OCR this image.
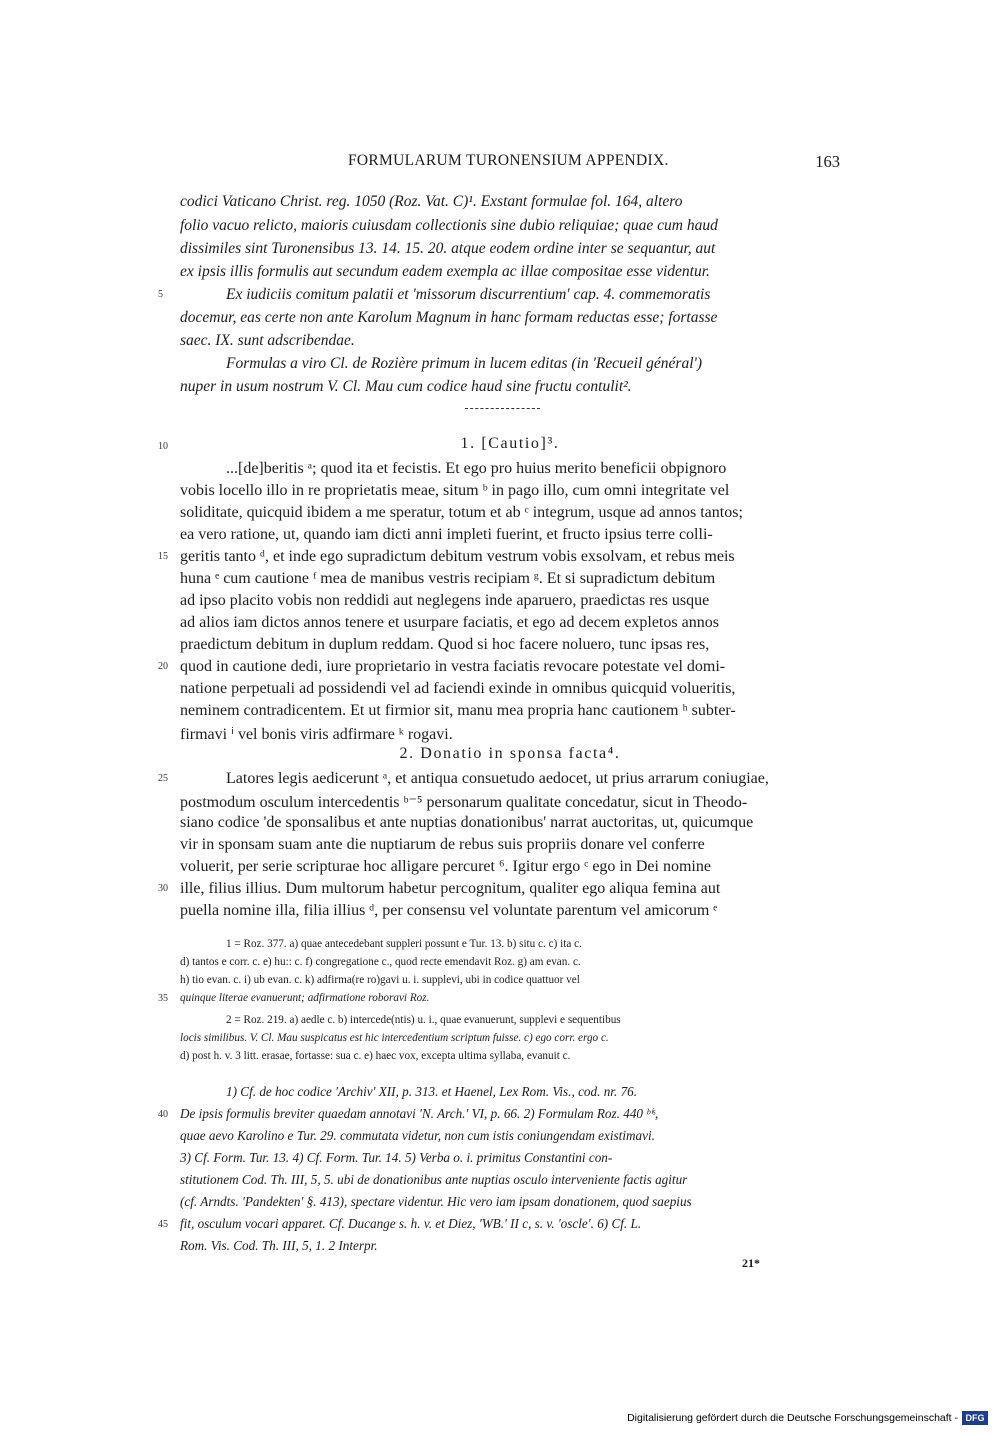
FORMULARUM TURONENSIUM APPENDIX.	163
codici Vaticano Christ. reg. 1050 (Roz. Vat. C)¹. Exstant formulae fol. 164, altero
folio vacuo relicto, maioris cuiusdam collectionis sine dubio reliquiae; quae cum haud
dissimiles sint Turonensibus 13. 14. 15. 20. atque eodem ordine inter se sequantur, aut
ex ipsis illis formulis aut secundum eadem exempla ac illae compositae esse videntur.
Ex iudiciis comitum palatii et 'missorum discurrentium' cap. 4. commemoratis
docemur, eas certe non ante Karolum Magnum in hanc formam reductas esse; fortasse
saec. IX. sunt adscribendae.
Formulas a viro Cl. de Rozière primum in lucem editas (in 'Recueil général')
nuper in usum nostrum V. Cl. Mau cum codice haud sine fructu contulit².
1. [Cautio]³.
...[de]beritis ᵃ; quod ita et fecistis. Et ego pro huius merito beneficii obpignoro
vobis locello illo in re proprietatis meae, situm ᵇ in pago illo, cum omni integritate vel
soliditate, quicquid ibidem a me speratur, totum et ab ᶜ integrum, usque ad annos tantos;
ea vero ratione, ut, quando iam dicti anni impleti fuerint, et fructo ipsius terre colli-
geritis tanto ᵈ, et inde ego supradictum debitum vestrum vobis exsolvam, et rebus meis
huna ᵉ cum cautione ᶠ mea de manibus vestris recipiam ᵍ. Et si supradictum debitum
ad ipso placito vobis non reddidi aut neglegens inde aparuero, praedictas res usque
ad alios iam dictos annos tenere et usurpare faciatis, et ego ad decem expletos annos
praedictum debitum in duplum reddam. Quod si hoc facere noluero, tunc ipsas res,
quod in cautione dedi, iure proprietario in vestra faciatis revocare potestate vel domi-
natione perpetuali ad possidendi vel ad faciendi exinde in omnibus quicquid volueritis,
neminem contradicentem. Et ut firmior sit, manu mea propria hanc cautionem ʰ subter-
firmavi ⁱ vel bonis viris adfirmare ᵏ rogavi.
2. Donatio in sponsa facta⁴.
Latores legis aedicerunt ᵃ, et antiqua consuetudo aedocet, ut prius arrarum coniugiae,
postmodum osculum intercedentis ᵇ⁻⁵ personarum qualitate concedatur, sicut in Theodo-
siano codice 'de sponsalibus et ante nuptias donationibus' narrat auctoritas, ut, quicumque
vir in sponsam suam ante die nuptiarum de rebus suis propriis donare vel conferre
voluerit, per serie scripturae hoc alligare percuret ⁶. Igitur ergo ᶜ ego in Dei nomine
ille, filius illius. Dum multorum habetur percognitum, qualiter ego aliqua femina aut
puella nomine illa, filia illius ᵈ, per consensu vel voluntate parentum vel amicorum ᵉ
1 = Roz. 377. a) quae antecedebant suppleri possunt e Tur. 13. b) situ c. c) ita c.
d) tantos e corr. c. e) hu:: c. f) congregatione c., quod recte emendavit Roz. g) am evan. c.
h) tio evan. c. i) ub evan. c. k) adfirma(re ro)gavi u. i. supplevi, ubi in codice quattuor vel
quinque literae evanuerunt; adfirmatione roboravi Roz.
2 = Roz. 219. a) aedle c. b) intercede(ntis) u. i., quae evanuerunt, supplevi e sequentibus
locis similibus. V. Cl. Mau suspicatus est hic intercedentium scriptum fuisse. c) ego corr. ergo c.
d) post h. v. 3 litt. erasae, fortasse: sua c. e) haec vox, excepta ultima syllaba, evanuit c.
1) Cf. de hoc codice 'Archiv' XII, p. 313. et Haenel, Lex Rom. Vis., cod. nr. 76.
De ipsis formulis breviter quaedam annotavi 'N. Arch.' VI, p. 66. 2) Formulam Roz. 440 ᵇⁱˢ,
quae aevo Karolino e Tur. 29. commutata videtur, non cum istis coniungendam existimavi.
3) Cf. Form. Tur. 13. 4) Cf. Form. Tur. 14. 5) Verba o. i. primitus Constantini con-
stitutionem Cod. Th. III, 5, 5. ubi de donationibus ante nuptias osculo interveniente factis agitur
(cf. Arndts. 'Pandekten' §. 413), spectare videntur. Hic vero iam ipsam donationem, quod saepius
fit, osculum vocari apparet. Cf. Ducange s. h. v. et Diez, 'WB.' II c, s. v. 'oscle'. 6) Cf. L.
Rom. Vis. Cod. Th. III, 5, 1. 2 Interpr.
21*
5
10
15
20
25
30
35
40
45
Digitalisierung gefördert durch die Deutsche Forschungsgemeinschaft - DFG
